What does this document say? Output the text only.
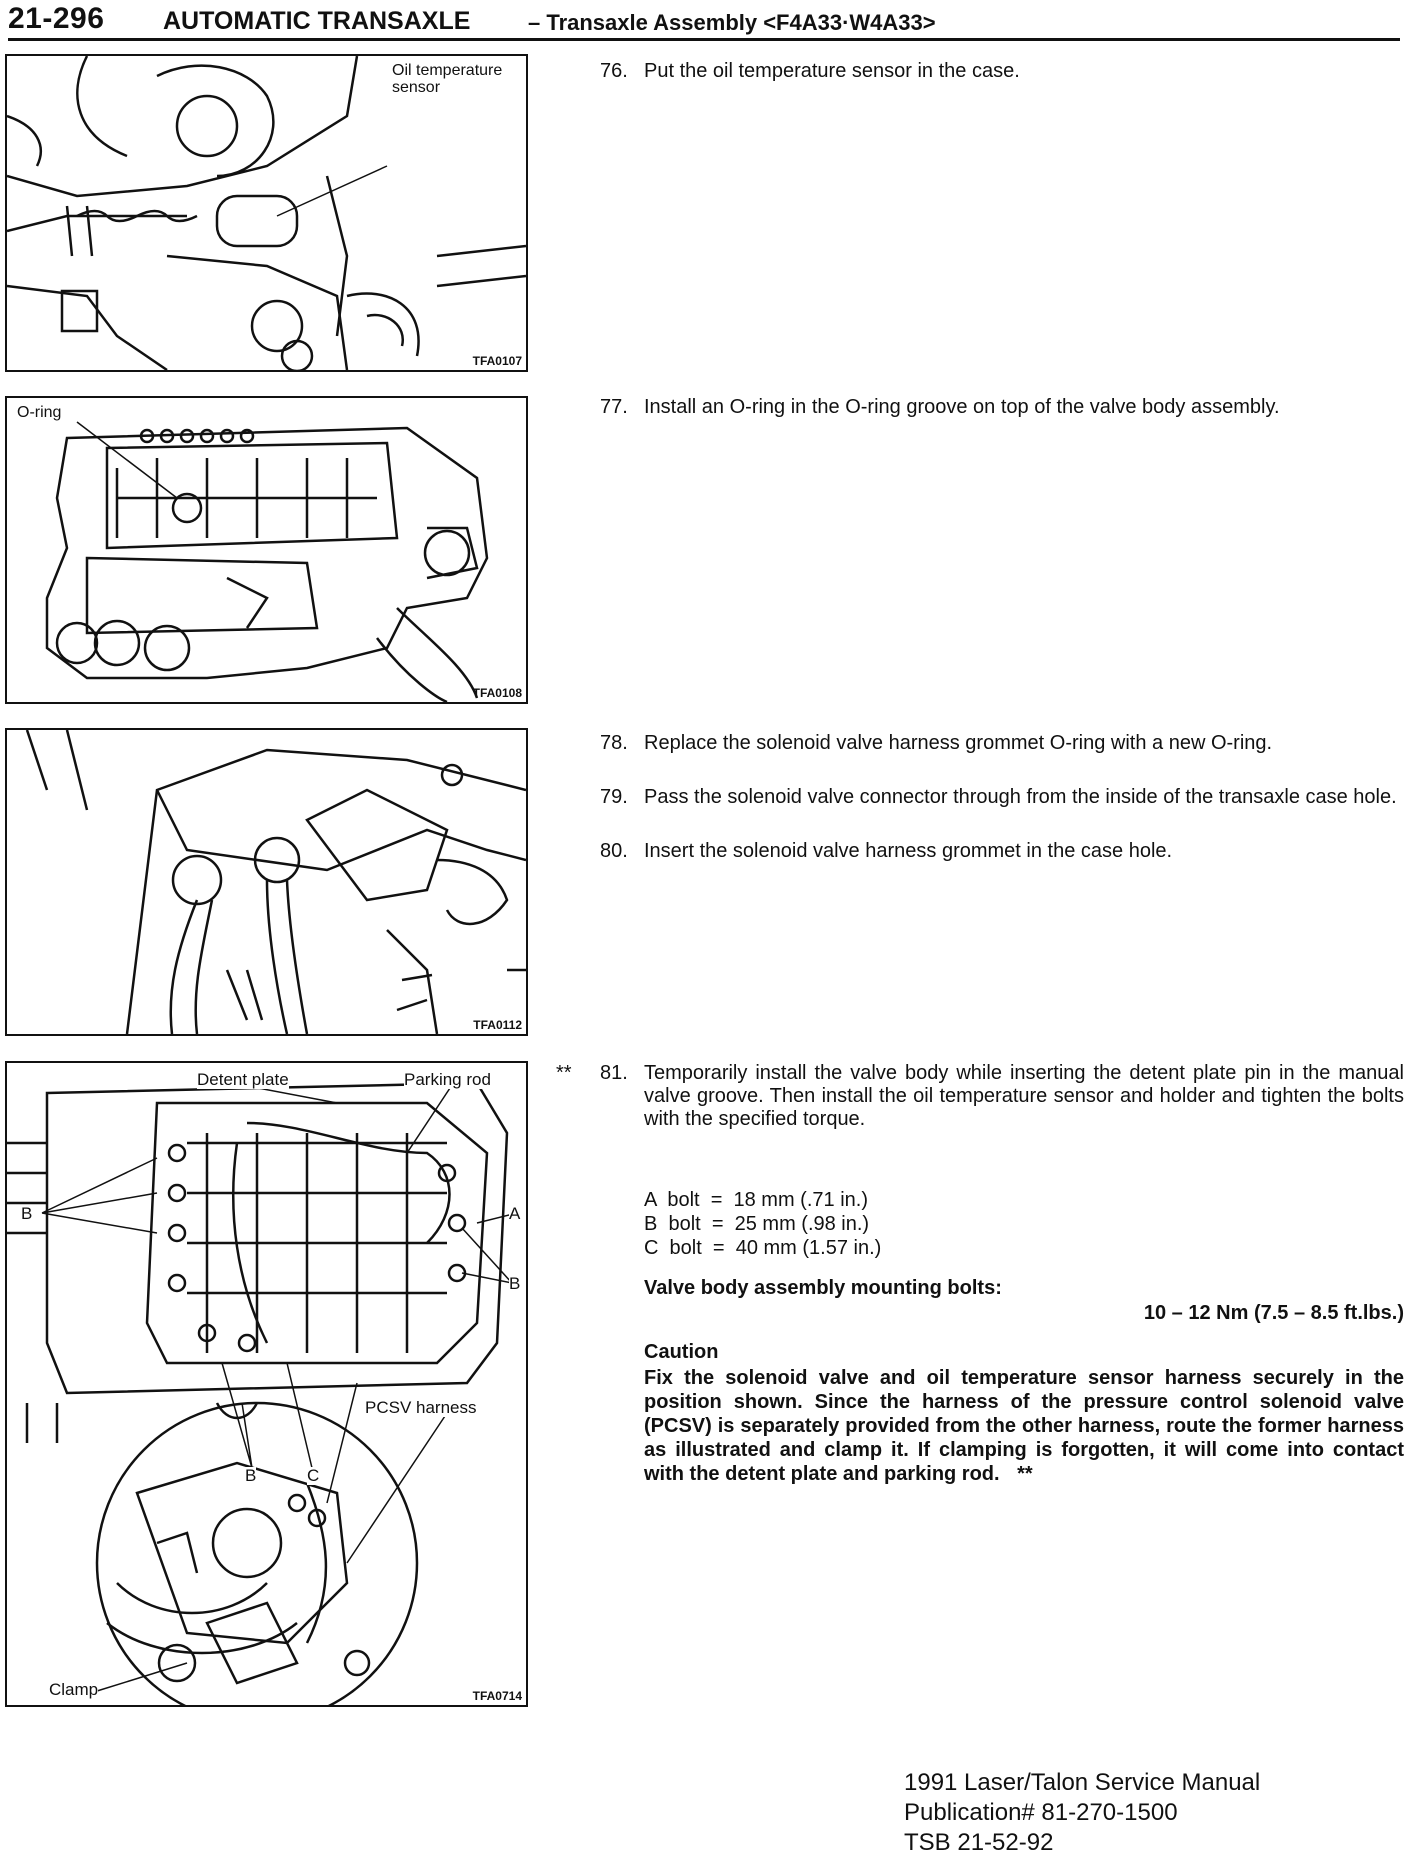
21-296 AUTOMATIC TRANSAXLE	– Transaxle Assembly <F4A33·W4A33>
Oil temperature sensor
TFA0107
76. Put the oil temperature sensor in the case.
O-ring
TFA0108
77. Install an O-ring in the O-ring groove on top of the valve body assembly.
TFA0112
78. Replace the solenoid valve harness grommet O-ring with a new O-ring.
79. Pass the solenoid valve connector through from the inside of the transaxle case hole.
80. Insert the solenoid valve harness grommet in the case hole.
Detent plate	Parking rod
B	A
B
B	C
PCSV harness
Clamp	TFA0714
** 81. Temporarily install the valve body while inserting the detent plate pin in the manual valve groove. Then install the oil temperature sensor and holder and tighten the bolts with the specified torque.
A  bolt  =  18 mm (.71 in.)
B  bolt  =  25 mm (.98 in.)
C  bolt  =  40 mm (1.57 in.)
Valve body assembly mounting bolts:
10 – 12 Nm (7.5 – 8.5 ft.lbs.)
Caution
Fix the solenoid valve and oil temperature sensor harness securely in the position shown. Since the harness of the pressure control solenoid valve (PCSV) is separately provided from the other harness, route the former harness as illustrated and clamp it. If clamping is forgotten, it will come into contact with the detent plate and parking rod. **
1991 Laser/Talon Service Manual
Publication# 81-270-1500
TSB 21-52-92
